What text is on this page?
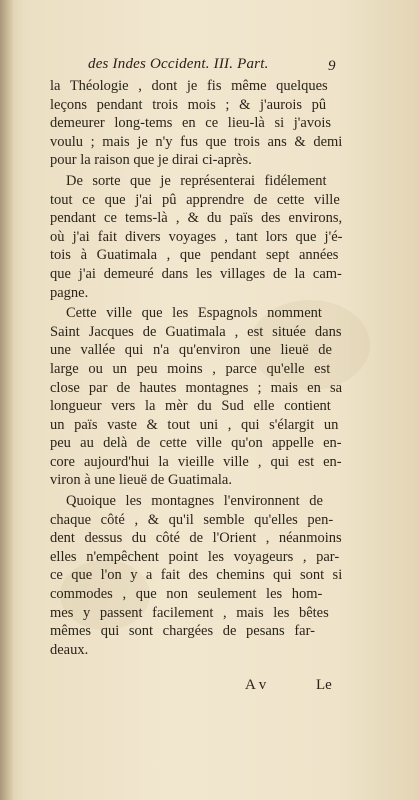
des Indes Occident. III. Part.	9
la Théologie , dont je fis même quelques
leçons pendant trois mois ; & j'aurois pû
demeurer long-tems en ce lieu-là si j'avois
voulu ; mais je n'y fus que trois ans & demi
pour la raison que je dirai ci-après.
De sorte que je représenterai fidélement
tout ce que j'ai pû apprendre de cette ville
pendant ce tems-là , & du païs des environs,
où j'ai fait divers voyages , tant lors que j'é-
tois à Guatimala , que pendant sept années
que j'ai demeuré dans les villages de la cam-
pagne.
Cette ville que les Espagnols nomment
Saint Jacques de Guatimala , est située dans
une vallée qui n'a qu'environ une lieuë de
large ou un peu moins , parce qu'elle est
close par de hautes montagnes ; mais en sa
longueur vers la mèr du Sud elle contient
un païs vaste & tout uni , qui s'élargit un
peu au delà de cette ville qu'on appelle en-
core aujourd'hui la vieille ville , qui est en-
viron à une lieuë de Guatimala.
Quoique les montagnes l'environnent de
chaque côté , & qu'il semble qu'elles pen-
dent dessus du côté de l'Orient , néanmoins
elles n'empêchent point les voyageurs , par-
ce que l'on y a fait des chemins qui sont si
commodes , que non seulement les hom-
mes y passent facilement , mais les bêtes
mêmes qui sont chargées de pesans far-
deaux.
A v	Le
